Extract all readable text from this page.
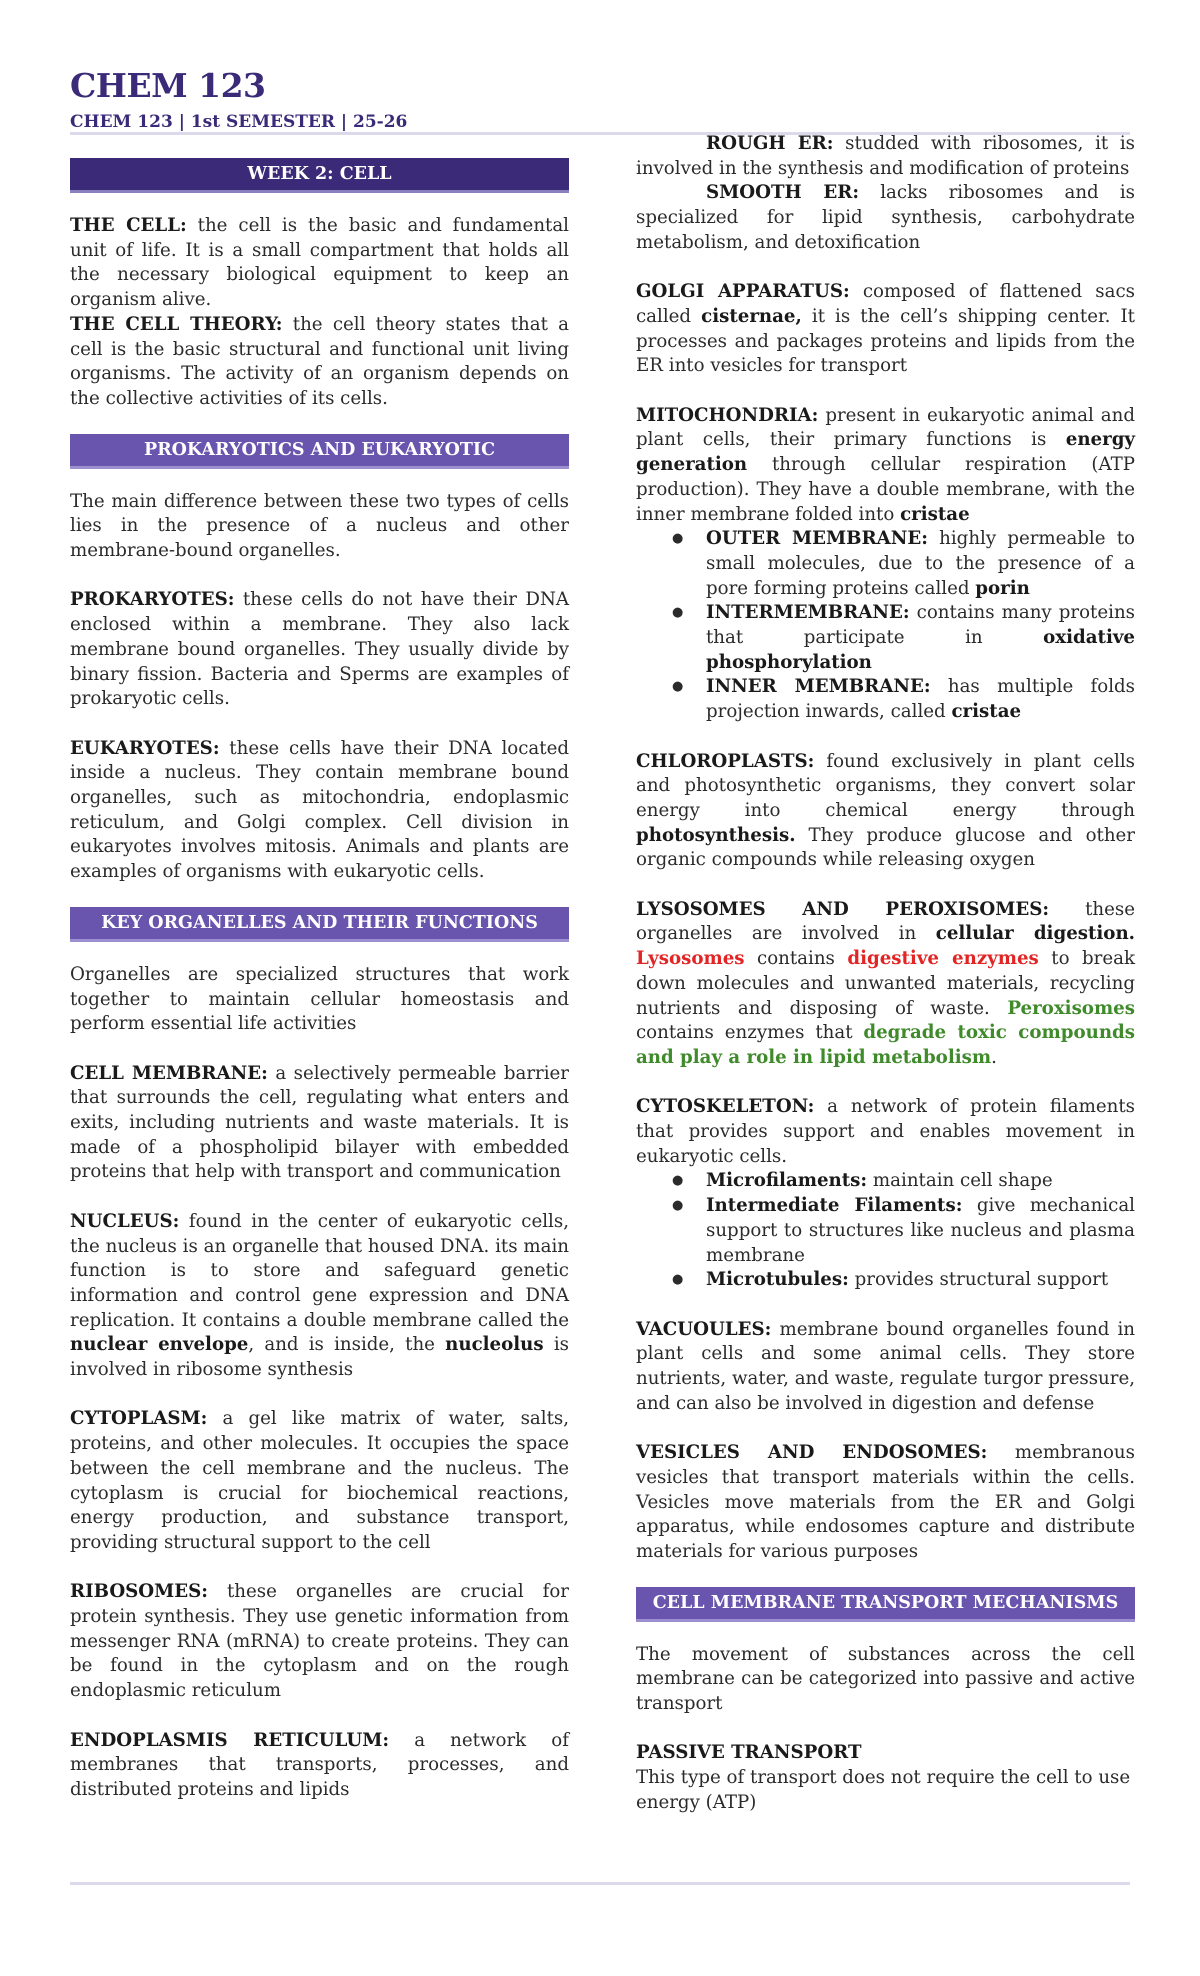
CHEM 123
CHEM 123 | 1st SEMESTER | 25-26
WEEK 2: CELL

THE CELL: the cell is the basic and fundamental unit of life. It is a small compartment that holds all the necessary biological equipment to keep an organism alive.

THE CELL THEORY: the cell theory states that a cell is the basic structural and functional unit living organisms. The activity of an organism depends on the collective activities of its cells.

PROKARYOTICS AND EUKARYOTIC

The main difference between these two types of cells lies in the presence of a nucleus and other membrane-bound organelles.

PROKARYOTES: these cells do not have their DNA enclosed within a membrane. They also lack membrane bound organelles. They usually divide by binary fission. Bacteria and Sperms are examples of prokaryotic cells.

EUKARYOTES: these cells have their DNA located inside a nucleus. They contain membrane bound organelles, such as mitochondria, endoplasmic reticulum, and Golgi complex. Cell division in eukaryotes involves mitosis. Animals and plants are examples of organisms with eukaryotic cells.

KEY ORGANELLES AND THEIR FUNCTIONS

Organelles are specialized structures that work together to maintain cellular homeostasis and perform essential life activities

CELL MEMBRANE: a selectively permeable barrier that surrounds the cell, regulating what enters and exits, including nutrients and waste materials. It is made of a phospholipid bilayer with embedded proteins that help with transport and communication

NUCLEUS: found in the center of eukaryotic cells, the nucleus is an organelle that housed DNA. its main function is to store and safeguard genetic information and control gene expression and DNA replication. It contains a double membrane called the nuclear envelope, and is inside, the nucleolus is involved in ribosome synthesis

CYTOPLASM: a gel like matrix of water, salts, proteins, and other molecules. It occupies the space between the cell membrane and the nucleus. The cytoplasm is crucial for biochemical reactions, energy production, and substance transport, providing structural support to the cell

RIBOSOMES: these organelles are crucial for protein synthesis. They use genetic information from messenger RNA (mRNA) to create proteins. They can be found in the cytoplasm and on the rough endoplasmic reticulum

ENDOPLASMIS RETICULUM: a network of membranes that transports, processes, and distributed proteins and lipids

ROUGH ER: studded with ribosomes, it is involved in the synthesis and modification of proteins

SMOOTH ER: lacks ribosomes and is specialized for lipid synthesis, carbohydrate metabolism, and detoxification

GOLGI APPARATUS: composed of flattened sacs called cisternae, it is the cell’s shipping center. It processes and packages proteins and lipids from the ER into vesicles for transport

MITOCHONDRIA: present in eukaryotic animal and plant cells, their primary functions is energy generation through cellular respiration (ATP production). They have a double membrane, with the inner membrane folded into cristae

● OUTER MEMBRANE: highly permeable to small molecules, due to the presence of a pore forming proteins called porin
● INTERMEMBRANE: contains many proteins that participate in oxidative phosphorylation
● INNER MEMBRANE: has multiple folds projection inwards, called cristae

CHLOROPLASTS: found exclusively in plant cells and photosynthetic organisms, they convert solar energy into chemical energy through photosynthesis. They produce glucose and other organic compounds while releasing oxygen

LYSOSOMES AND PEROXISOMES: these organelles are involved in cellular digestion. Lysosomes contains digestive enzymes to break down molecules and unwanted materials, recycling nutrients and disposing of waste. Peroxisomes contains enzymes that degrade toxic compounds and play a role in lipid metabolism.

CYTOSKELETON: a network of protein filaments that provides support and enables movement in eukaryotic cells.

● Microfilaments: maintain cell shape
● Intermediate Filaments: give mechanical support to structures like nucleus and plasma membrane
● Microtubules: provides structural support

VACUOULES: membrane bound organelles found in plant cells and some animal cells. They store nutrients, water, and waste, regulate turgor pressure, and can also be involved in digestion and defense

VESICLES AND ENDOSOMES: membranous vesicles that transport materials within the cells. Vesicles move materials from the ER and Golgi apparatus, while endosomes capture and distribute materials for various purposes

CELL MEMBRANE TRANSPORT MECHANISMS

The movement of substances across the cell membrane can be categorized into passive and active transport

PASSIVE TRANSPORT

This type of transport does not require the cell to use energy (ATP)
